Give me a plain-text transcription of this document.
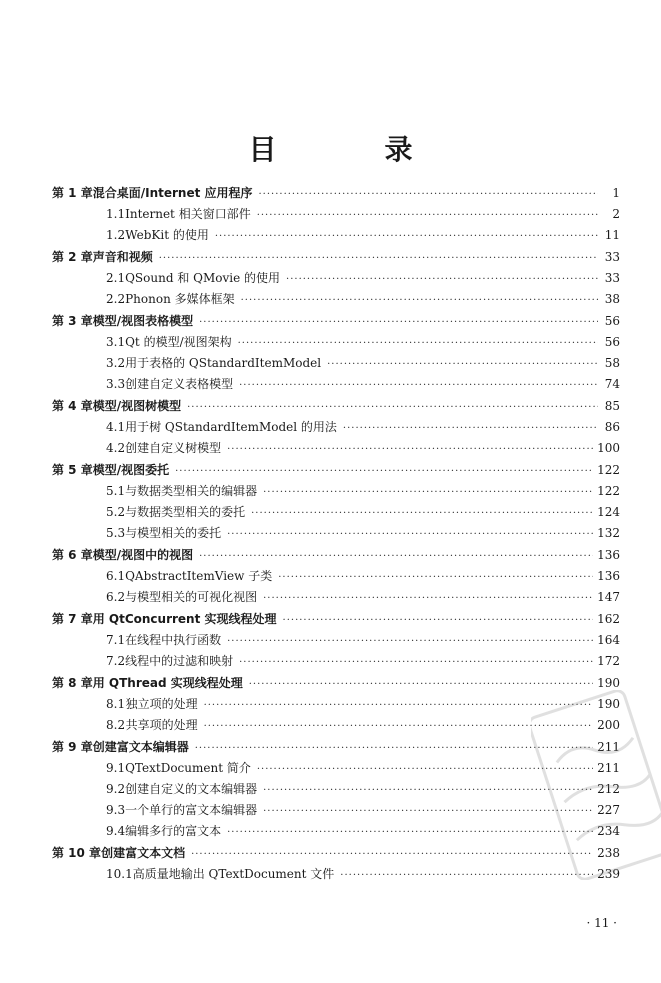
目　录
第 1 章 混合桌面/Internet 应用程序 ·····	1
1.1 Internet 相关窗口部件 ·····	2
1.2 WebKit 的使用 ·····	11
第 2 章 声音和视频 ·····	33
2.1 QSound 和 QMovie 的使用 ·····	33
2.2 Phonon 多媒体框架 ·····	38
第 3 章 模型/视图表格模型 ·····	56
3.1 Qt 的模型/视图架构 ·····	56
3.2 用于表格的 QStandardItemModel ·····	58
3.3 创建自定义表格模型 ·····	74
第 4 章 模型/视图树模型 ·····	85
4.1 用于树 QStandardItemModel 的用法 ·····	86
4.2 创建自定义树模型 ·····	100
第 5 章 模型/视图委托 ·····	122
5.1 与数据类型相关的编辑器 ·····	122
5.2 与数据类型相关的委托 ·····	124
5.3 与模型相关的委托 ·····	132
第 6 章 模型/视图中的视图 ·····	136
6.1 QAbstractItemView 子类 ·····	136
6.2 与模型相关的可视化视图 ·····	147
第 7 章 用 QtConcurrent 实现线程处理 ·····	162
7.1 在线程中执行函数 ·····	164
7.2 线程中的过滤和映射 ·····	172
第 8 章 用 QThread 实现线程处理 ·····	190
8.1 独立项的处理 ·····	190
8.2 共享项的处理 ·····	200
第 9 章 创建富文本编辑器 ·····	211
9.1 QTextDocument 简介 ·····	211
9.2 创建自定义的文本编辑器 ·····	212
9.3 一个单行的富文本编辑器 ·····	227
9.4 编辑多行的富文本 ·····	234
第 10 章 创建富文本文档 ·····	238
10.1 高质量地输出 QTextDocument 文件 ·····	239
· 11 ·
